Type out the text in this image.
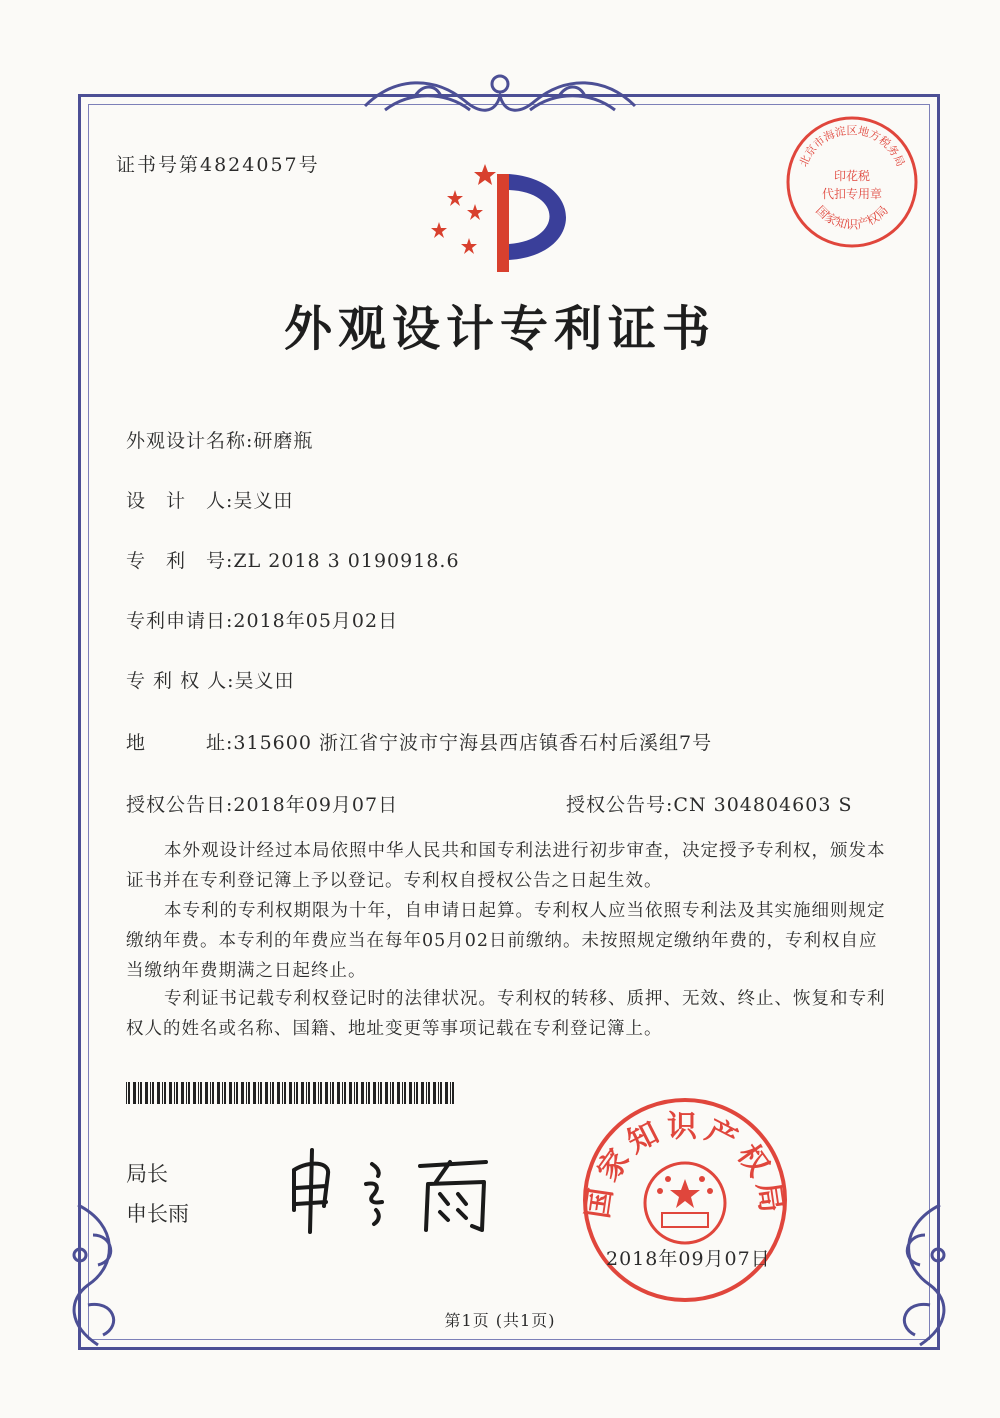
证书号第4824057号
外观设计专利证书
外观设计名称:研磨瓶
设　计　人:吴义田
专　利　号:ZL 2018 3 0190918.6
专利申请日:2018年05月02日
专 利 权 人:吴义田
地　　　址:315600 浙江省宁波市宁海县西店镇香石村后溪组7号
授权公告日:2018年09月07日	授权公告号:CN 304804603 S

本外观设计经过本局依照中华人民共和国专利法进行初步审查，决定授予专利权，颁发本证书并在专利登记簿上予以登记。专利权自授权公告之日起生效。

本专利的专利权期限为十年，自申请日起算。专利权人应当依照专利法及其实施细则规定缴纳年费。本专利的年费应当在每年05月02日前缴纳。未按照规定缴纳年费的，专利权自应当缴纳年费期满之日起终止。

专利证书记载专利权登记时的法律状况。专利权的转移、质押、无效、终止、恢复和专利权人的姓名或名称、国籍、地址变更等事项记载在专利登记簿上。

局长
申长雨
北京市海淀区地方税务局
印花税
代扣专用章
国家知识产权局
国家知识产权局
2018年09月07日
第1页 (共1页)
